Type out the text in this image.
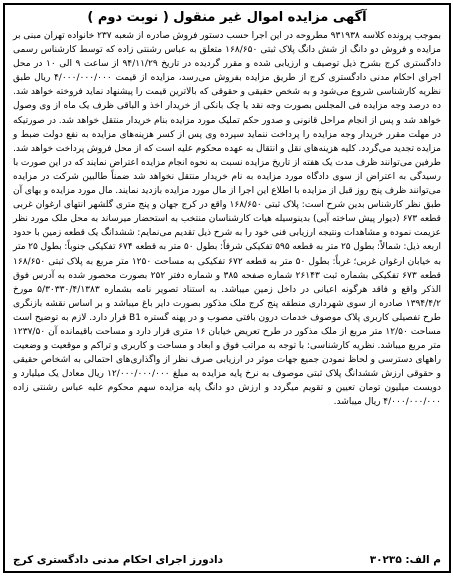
آگهی مزایده اموال غیر منقول ( نوبت دوم )

بموجب پرونده کلاسه ۹۳۱۹۳۸ مطروحه در این اجرا حسب دستور فروش صادره از شعبه ۲۳۷ خانواده تهران مبنی بر مزایده و فروش دو دانگ از شش دانگ پلاک ثبتی ۱۶۸/۶۵۰ متعلق به عباس رشنتی زاده که توسط کارشناس رسمی دادگستری کرج بشرح ذیل توصیف و ارزیابی شده و مقرر گردیده در تاریخ ۹۴/۱۱/۲۹ از ساعت ۹ الی ۱۰ در محل اجرای احکام مدنی دادگستری کرج از طریق مزایده بفروش می‌رسد، مزایده از قیمت ۴/۰۰۰/۰۰۰/۰۰۰ ریال طبق نظریه کارشناسی شروع می‌شود و به شخص حقیقی و حقوقی که بالاترین قیمت را پیشنهاد نماید فروخته خواهد شد. ده درصد وجه مزایده فی المجلس بصورت وجه نقد یا چک بانکی از خریدار اخذ و الباقی ظرف یک ماه از وی وصول خواهد شد و پس از انجام مراحل قانونی و صدور حکم تملیک مورد مزایده بنام خریدار منتقل خواهد شد. در صورتیکه در مهلت مقرر خریدار وجه مزایده را پرداخت ننماید سپرده وی پس از کسر هزینه‌های مزایده به نفع دولت ضبط و مزایده تجدید می‌گردد. کلیه هزینه‌های نقل و انتقال به عهده محکوم علیه است که از محل فروش پرداخت خواهد شد. طرفین می‌توانند ظرف مدت یک هفته از تاریخ مزایده نسبت به نحوه انجام مزایده اعتراض نمایند که در این صورت با رسیدگی به اعتراض از سوی دادگاه مورد مزایده به نام خریدار منتقل نخواهد شد ضمناً طالبین شرکت در مزایده می‌توانند ظرف پنج روز قبل از مزایده با اطلاع این اجرا از مال مورد مزایده بازدید نمایند. مال مورد مزایده و بهای آن طبق نظر کارشناس بدین شرح است: پلاک ثبتی ۱۶۸/۶۵۰ واقع در کرج جهان و پنج متری گلشهر انتهای ارغوان غربی قطعه ۶۷۳ (دیوار پیش ساخته آبی) بدینوسیله هیات کارشناسان منتخب به استحضار میرساند به محل ملک مورد نظر عزیمت نموده و مشاهدات ونتیجه ارزیابی فنی خود را به شرح ذیل تقدیم می‌نمایم: ششدانگ یک قطعه زمین با حدود اربعه ذیل: شمالاً: بطول ۲۵ متر به قطعه ۵۹۵ تفکیکی شرقاً: بطول ۵۰ متر به قطعه ۶۷۴ تفکیکی جنوباً: بطول ۲۵ متر به خیابان ارغوان غربی؛ غرباً: بطول ۵۰ متر به قطعه ۶۷۲ تفکیکی به مساحت ۱۲۵۰ متر مربع به پلاک ثبتی ۱۶۸/۶۵۰ قطعه ۶۷۳ تفکیکی بشماره ثبت ۲۶۱۴۳ شماره صفحه ۳۸۵ و شماره دفتر ۲۵۲ بصورت محصور شده به آدرس فوق الذکر واقع و فاقد هرگونه اعیانی در داخل زمین میباشد. به استناد تصویر نامه بشماره ۵/۳۰۳۳۰/۴/۱۳۸۳ مورخ ۱۳۹۴/۴/۲ صادره از سوی شهرداری منطقه پنج کرج ملک مذکور بصورت دایر باغ میباشد و بر اساس نقشه بازنگری طرح تفصیلی کاربری پلاک موصوف خدمات درون بافتی مصوب و در پهنه گستره B1 قرار دارد. لازم به توضیح است مساحت ۱۲/۵۰ متر مربع از ملک مذکور در طرح تعریض خیابان ۱۶ متری قرار دارد و مساحت باقیمانده آن ۱۲۳۷/۵۰ متر مربع میباشد. نظریه کارشناسی: با توجه به مراتب فوق و ابعاد و مساحت و کاربری و تراکم و موقعیت و وضعیت راههای دسترسی و لحاظ نمودن جمیع جهات موثر در ارزیابی صرف نظر از واگذاری‌های احتمالی به اشخاص حقیقی و حقوقی ارزش ششدانگ پلاک ثبتی موصوف به نرخ پایه مزایده به مبلغ ۱۲/۰۰۰/۰۰۰/۰۰۰ ریال معادل یک میلیارد و دویست میلیون تومان تعیین و تقویم میگردد و ارزش دو دانگ پایه مزایده سهم محکوم علیه عباس رشنتی زاده ۴/۰۰۰/۰۰۰/۰۰۰ ریال میباشد.

م الف: ۳۰۲۳۵
دادورز اجرای احکام مدنی دادگستری کرج
